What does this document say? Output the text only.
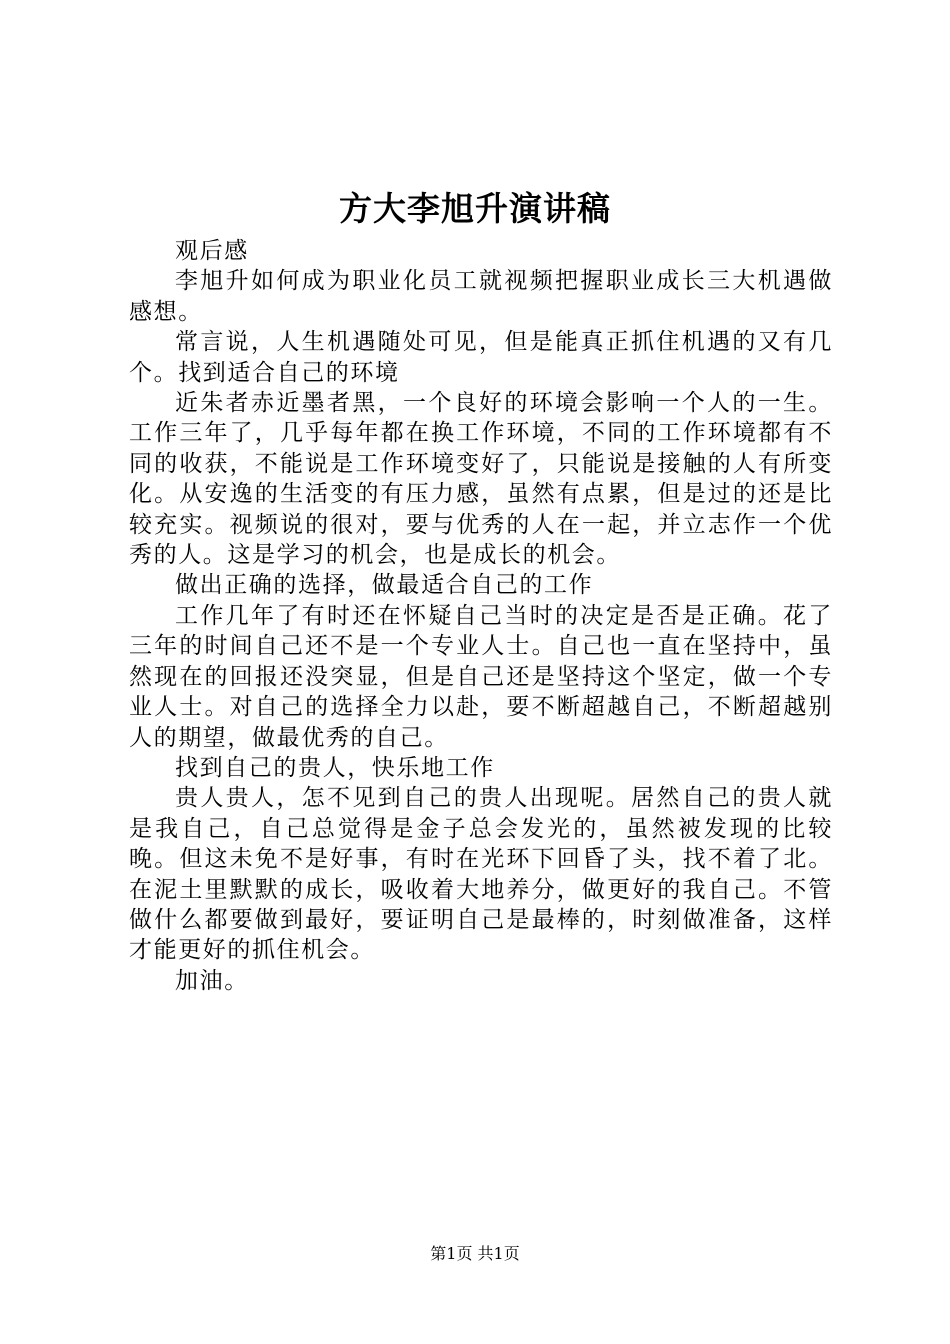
方大李旭升演讲稿

观后感

李旭升如何成为职业化员工就视频把握职业成长三大机遇做感想。

常言说，人生机遇随处可见，但是能真正抓住机遇的又有几个。找到适合自己的环境

近朱者赤近墨者黑，一个良好的环境会影响一个人的一生。工作三年了，几乎每年都在换工作环境，不同的工作环境都有不同的收获，不能说是工作环境变好了，只能说是接触的人有所变化。从安逸的生活变的有压力感，虽然有点累，但是过的还是比较充实。视频说的很对，要与优秀的人在一起，并立志作一个优秀的人。这是学习的机会，也是成长的机会。

做出正确的选择，做最适合自己的工作

工作几年了有时还在怀疑自己当时的决定是否是正确。花了三年的时间自己还不是一个专业人士。自己也一直在坚持中，虽然现在的回报还没突显，但是自己还是坚持这个坚定，做一个专业人士。对自己的选择全力以赴，要不断超越自己，不断超越别人的期望，做最优秀的自己。

找到自己的贵人，快乐地工作

贵人贵人，怎不见到自己的贵人出现呢。居然自己的贵人就是我自己，自己总觉得是金子总会发光的，虽然被发现的比较晚。但这未免不是好事，有时在光环下回昏了头，找不着了北。在泥土里默默的成长，吸收着大地养分，做更好的我自己。不管做什么都要做到最好，要证明自己是最棒的，时刻做准备，这样才能更好的抓住机会。

加油。

第1页 共1页
